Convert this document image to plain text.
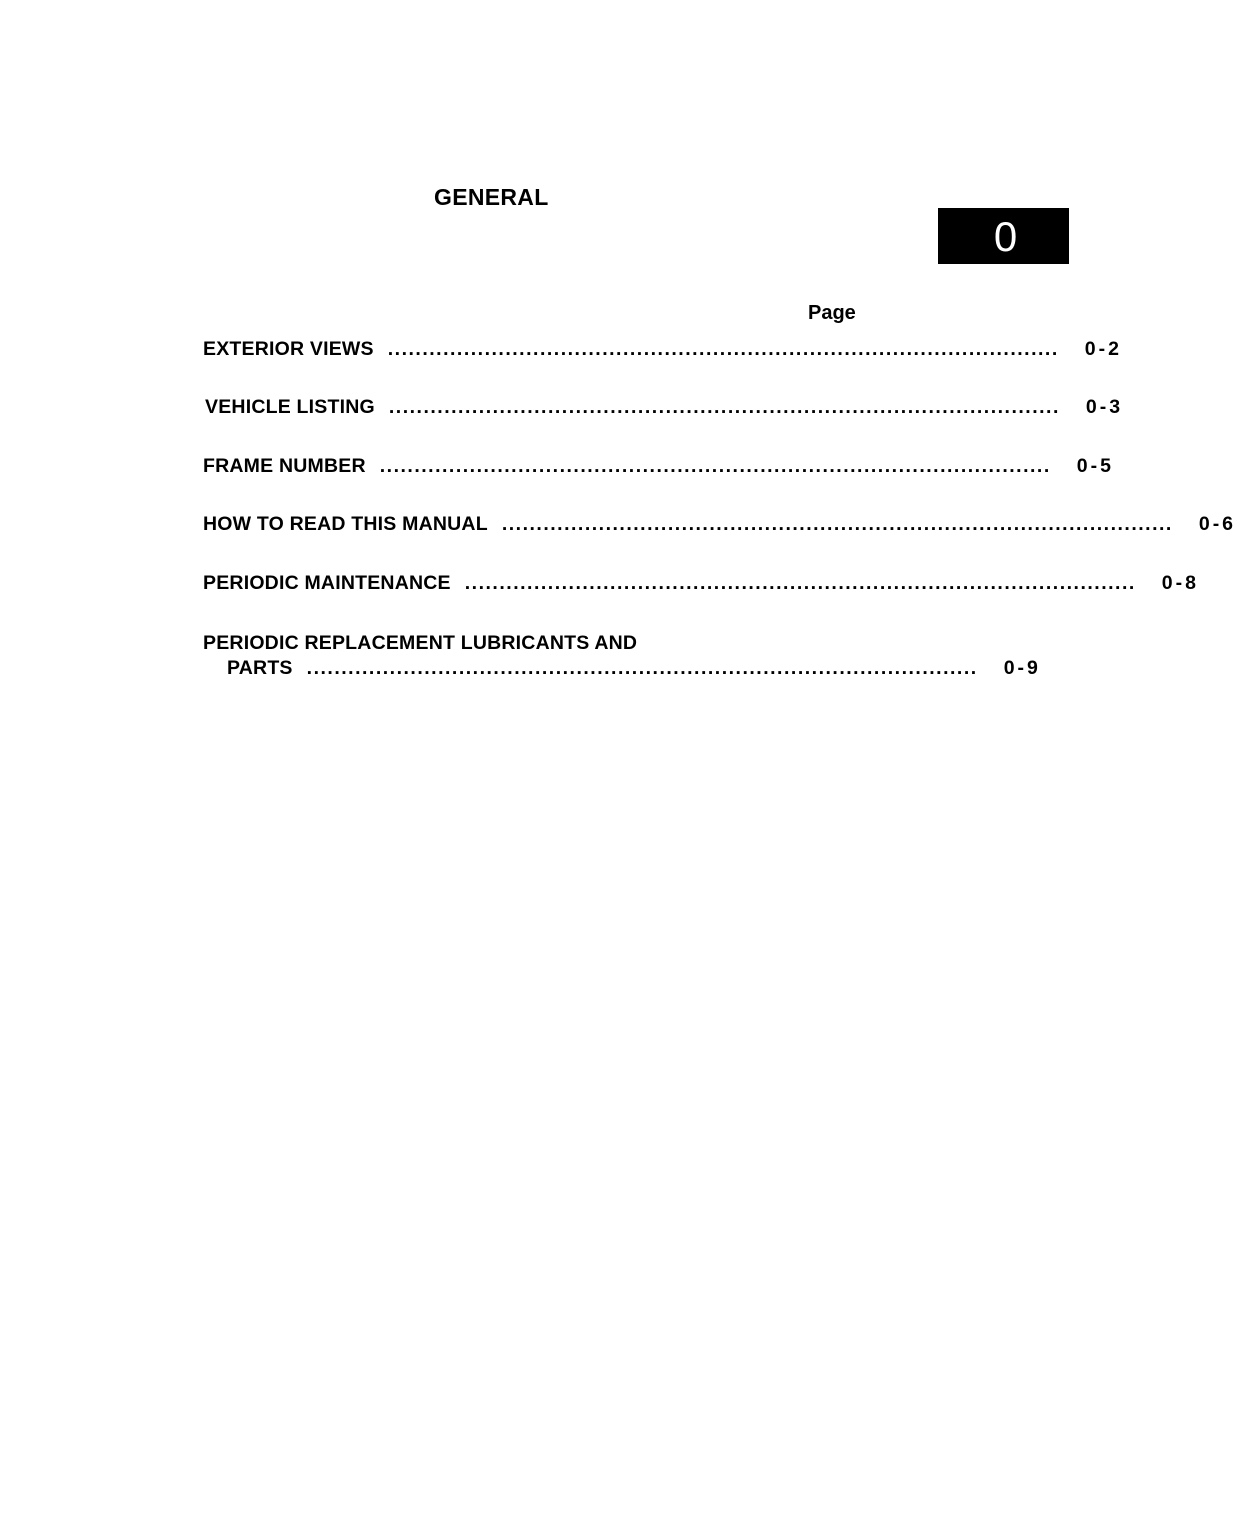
GENERAL
0
Page
EXTERIOR VIEWS .................................................................................................	0-2
VEHICLE LISTING .................................................................................................	0-3
FRAME NUMBER .................................................................................................	0-5
HOW TO READ THIS MANUAL .................................................................................................	0-6
PERIODIC MAINTENANCE .................................................................................................	0-8
PERIODIC REPLACEMENT LUBRICANTS AND
PARTS .................................................................................................	0-9
